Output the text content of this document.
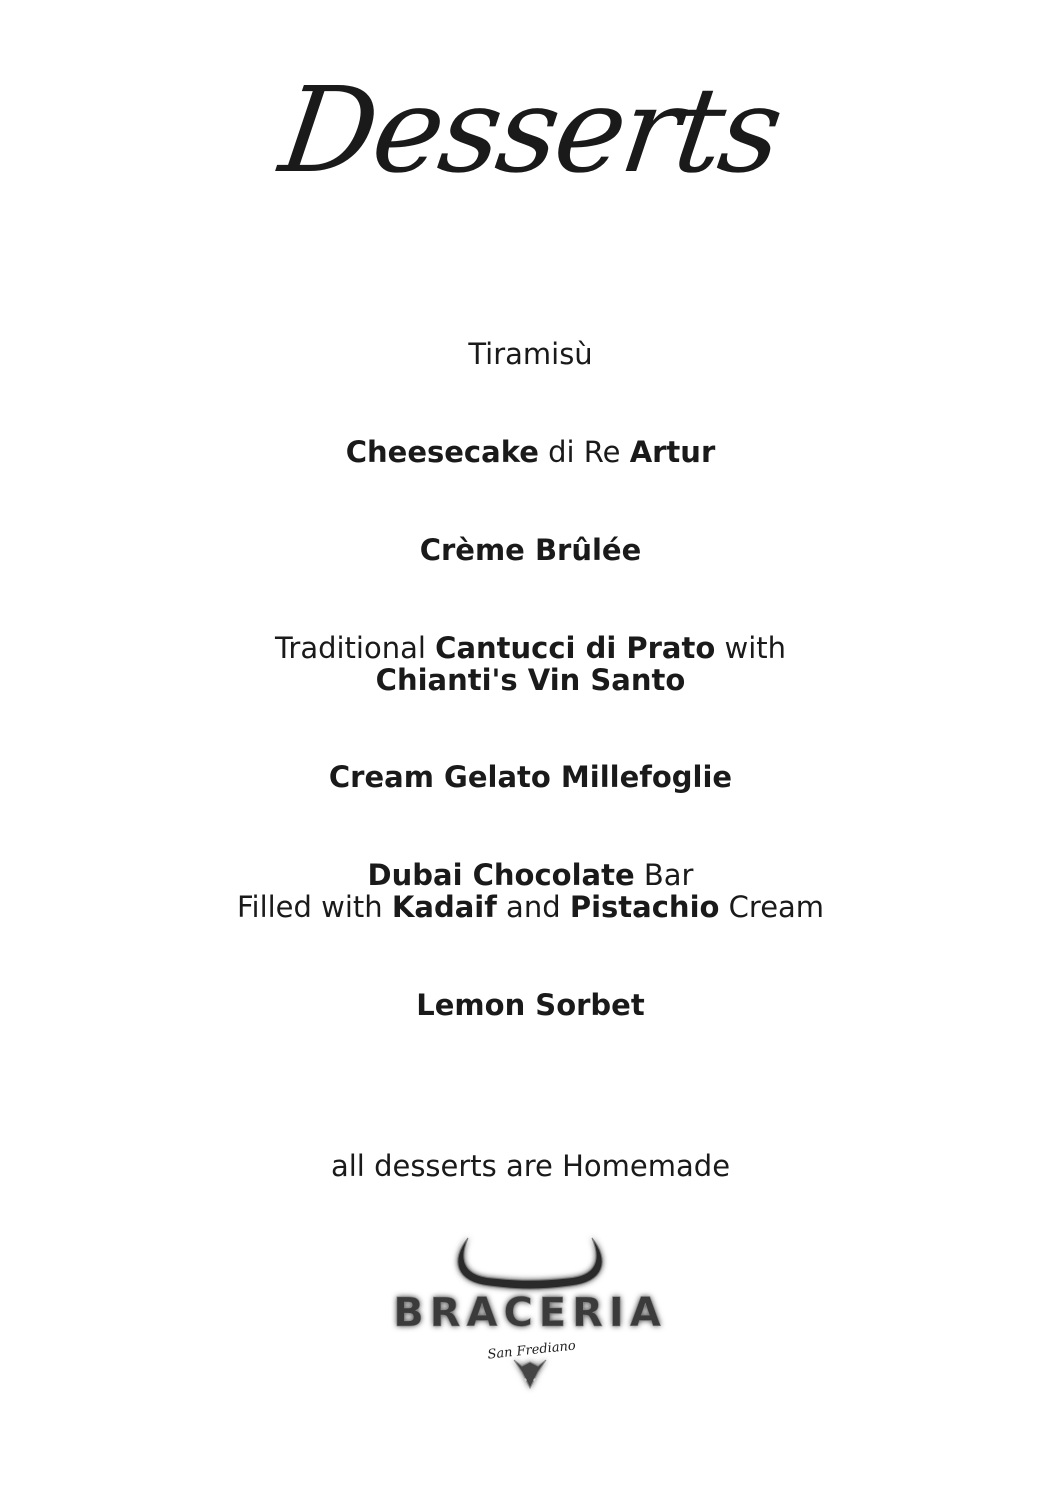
Desserts
Tiramisù
Cheesecake di Re Artur
Crème Brûlée
Traditional Cantucci di Prato with
Chianti's Vin Santo
Cream Gelato Millefoglie
Dubai Chocolate Bar
Filled with Kadaif and Pistachio Cream
Lemon Sorbet
all desserts are Homemade
BRACERIA
San Frediano
